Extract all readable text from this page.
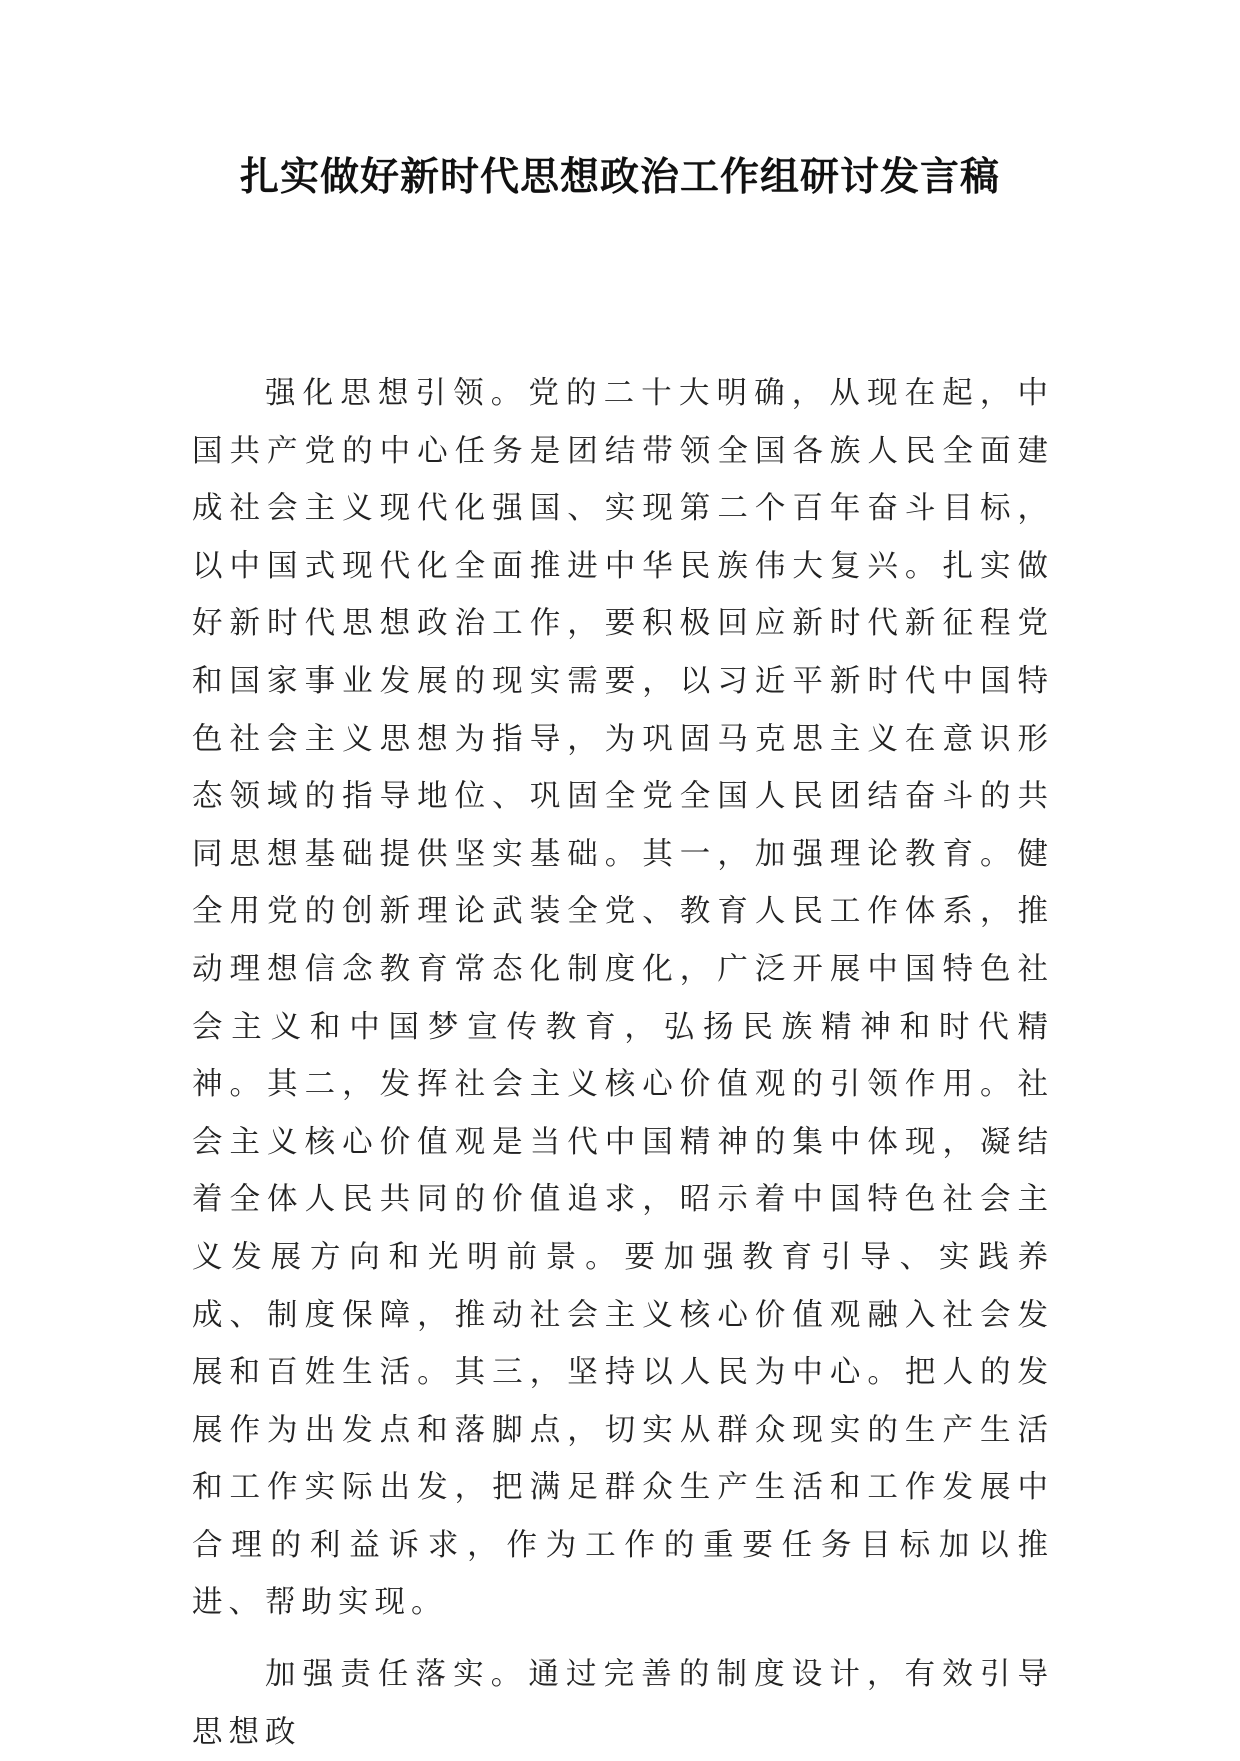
扎实做好新时代思想政治工作组研讨发言稿

强化思想引领。党的二十大明确，从现在起，中国共产党的中心任务是团结带领全国各族人民全面建成社会主义现代化强国、实现第二个百年奋斗目标，以中国式现代化全面推进中华民族伟大复兴。扎实做好新时代思想政治工作，要积极回应新时代新征程党和国家事业发展的现实需要，以习近平新时代中国特色社会主义思想为指导，为巩固马克思主义在意识形态领域的指导地位、巩固全党全国人民团结奋斗的共同思想基础提供坚实基础。其一，加强理论教育。健全用党的创新理论武装全党、教育人民工作体系，推动理想信念教育常态化制度化，广泛开展中国特色社会主义和中国梦宣传教育，弘扬民族精神和时代精神。其二，发挥社会主义核心价值观的引领作用。社会主义核心价值观是当代中国精神的集中体现，凝结着全体人民共同的价值追求，昭示着中国特色社会主义发展方向和光明前景。要加强教育引导、实践养成、制度保障，推动社会主义核心价值观融入社会发展和百姓生活。其三，坚持以人民为中心。把人的发展作为出发点和落脚点，切实从群众现实的生产生活和工作实际出发，把满足群众生产生活和工作发展中合理的利益诉求，作为工作的重要任务目标加以推进、帮助实现。

加强责任落实。通过完善的制度设计，有效引导思想政
